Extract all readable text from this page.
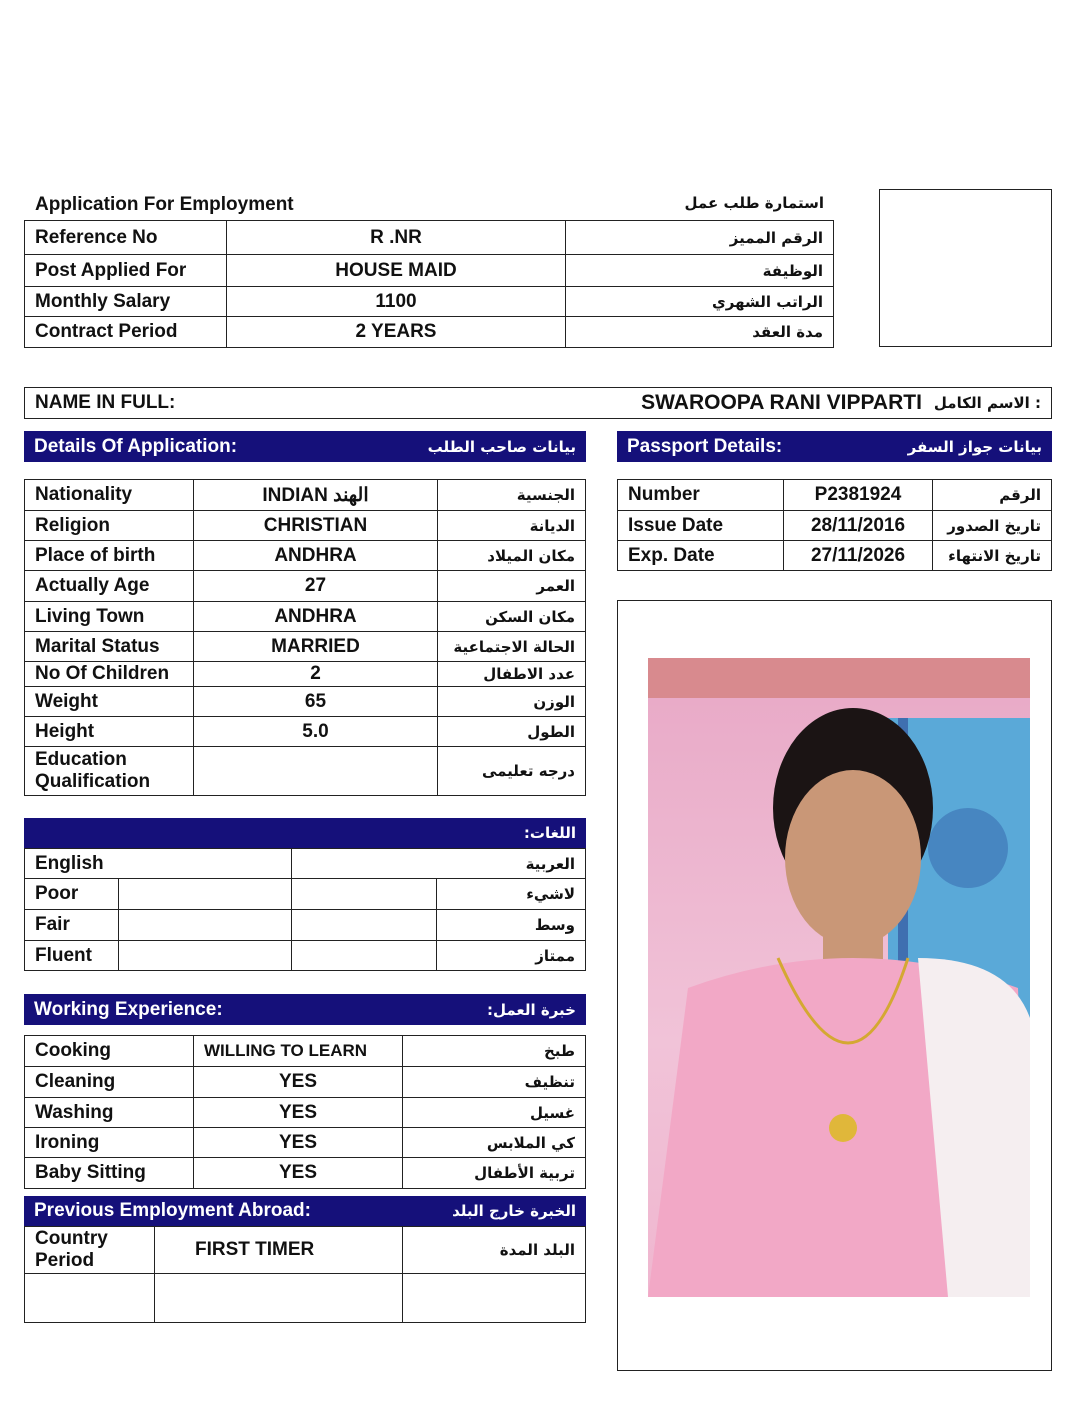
Application For Employment	استمارة طلب عمل
Reference No	R .NR	الرقم المميز
Post Applied For	HOUSE MAID	الوظيفة
Monthly Salary	1100	الراتب الشهري
Contract Period	2 YEARS	مدة العقد
NAME IN FULL:	SWAROOPA RANI VIPPARTI : الاسم الكامل
Details Of Application:	بيانات صاحب الطلب	Passport Details:	بيانات جواز السفر
Nationality	INDIAN الهند	الجنسية
Religion	CHRISTIAN	الديانة
Place of birth	ANDHRA	مكان الميلاد
Actually Age	27	العمر
Living Town	ANDHRA	مكان السكن
Marital Status	MARRIED	الحالة الاجتماعية
No Of Children	2	عدد الاطفال
Weight	65	الوزن
Height	5.0	الطول
Education Qualification		درجه تعليمى
Number	P2381924	الرقم
Issue Date	28/11/2016	تاريخ الصدور
Exp. Date	27/11/2026	تاريخ الانتهاء
اللغات:
English		العربية	
Poor			لاشيء
Fair			وسط
Fluent			ممتاز
Working Experience:	خبرة العمل:
Cooking	WILLING TO LEARN	طبخ
Cleaning	YES	تنظيف
Washing	YES	غسيل
Ironing	YES	كي الملابس
Baby Sitting	YES	تربية الأطفال
Previous Employment Abroad:	الخبرة خارج البلد
Country Period	FIRST TIMER	البلد المدة
